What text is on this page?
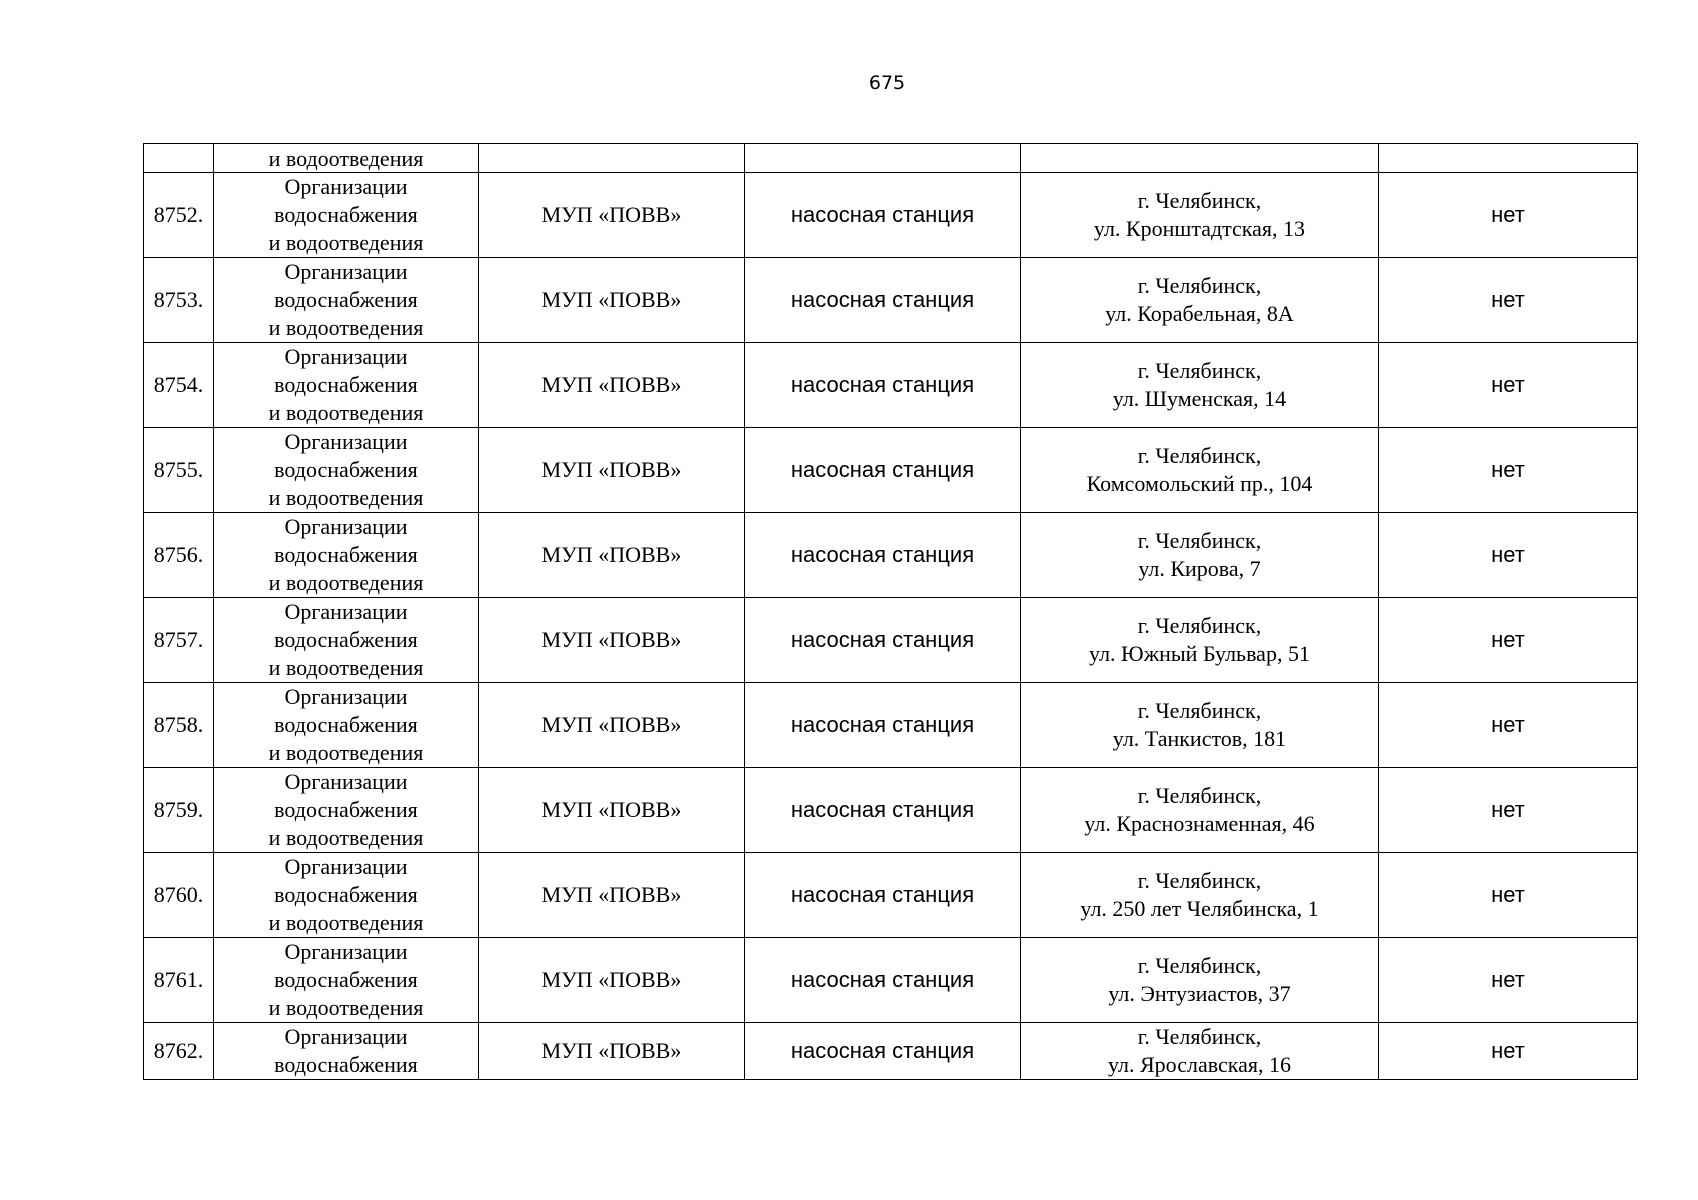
675
	и водоотведения				
8752.	Организации
водоснабжения
и водоотведения	МУП «ПОВВ»	насосная станция	г. Челябинск,
ул. Кронштадтская, 13	нет
8753.	Организации
водоснабжения
и водоотведения	МУП «ПОВВ»	насосная станция	г. Челябинск,
ул. Корабельная, 8А	нет
8754.	Организации
водоснабжения
и водоотведения	МУП «ПОВВ»	насосная станция	г. Челябинск,
ул. Шуменская, 14	нет
8755.	Организации
водоснабжения
и водоотведения	МУП «ПОВВ»	насосная станция	г. Челябинск,
Комсомольский пр., 104	нет
8756.	Организации
водоснабжения
и водоотведения	МУП «ПОВВ»	насосная станция	г. Челябинск,
ул. Кирова, 7	нет
8757.	Организации
водоснабжения
и водоотведения	МУП «ПОВВ»	насосная станция	г. Челябинск,
ул. Южный Бульвар, 51	нет
8758.	Организации
водоснабжения
и водоотведения	МУП «ПОВВ»	насосная станция	г. Челябинск,
ул. Танкистов, 181	нет
8759.	Организации
водоснабжения
и водоотведения	МУП «ПОВВ»	насосная станция	г. Челябинск,
ул. Краснознаменная, 46	нет
8760.	Организации
водоснабжения
и водоотведения	МУП «ПОВВ»	насосная станция	г. Челябинск,
ул. 250 лет Челябинска, 1	нет
8761.	Организации
водоснабжения
и водоотведения	МУП «ПОВВ»	насосная станция	г. Челябинск,
ул. Энтузиастов, 37	нет
8762.	Организации
водоснабжения	МУП «ПОВВ»	насосная станция	г. Челябинск,
ул. Ярославская, 16	нет
